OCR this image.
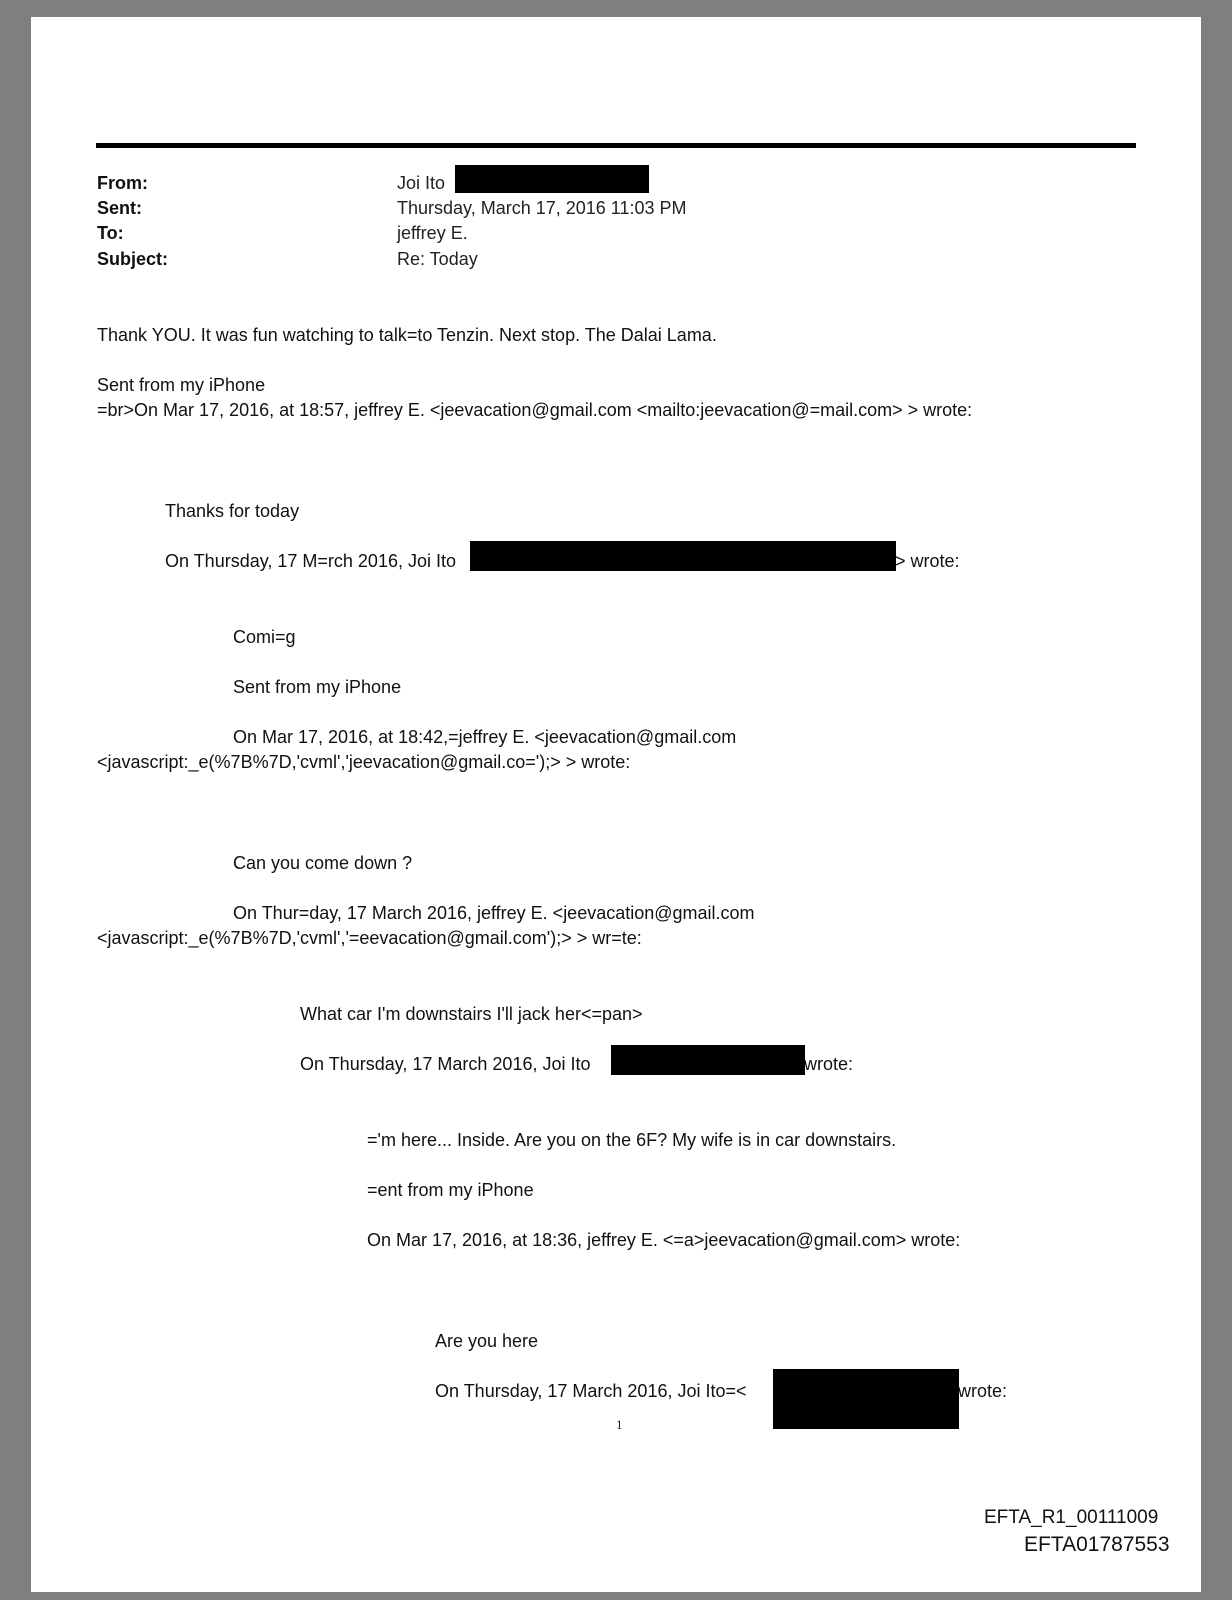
From:	Joi Ito
Sent:	Thursday, March 17, 2016 11:03 PM
To:	jeffrey E.
Subject:	Re: Today
Thank YOU. It was fun watching to talk=to Tenzin. Next stop. The Dalai Lama.
Sent from my iPhone
=br>On Mar 17, 2016, at 18:57, jeffrey E. <jeevacation@gmail.com <mailto:jeevacation@=mail.com> > wrote:
Thanks for today
On Thursday, 17 M=rch 2016, Joi Ito	> wrote:
Comi=g
Sent from my iPhone
On Mar 17, 2016, at 18:42,=jeffrey E. <jeevacation@gmail.com
<javascript:_e(%7B%7D,'cvml','jeevacation@gmail.co=');> > wrote:
Can you come down ?
On Thur=day, 17 March 2016, jeffrey E. <jeevacation@gmail.com
<javascript:_e(%7B%7D,'cvml','=eevacation@gmail.com');> > wr=te:
What car I'm downstairs I'll jack her<=pan>
On Thursday, 17 March 2016, Joi Ito	wrote:
='m here... Inside. Are you on the 6F? My wife is in car downstairs.
=ent from my iPhone
On Mar 17, 2016, at 18:36, jeffrey E. <=a>jeevacation@gmail.com> wrote:
Are you here
On Thursday, 17 March 2016, Joi Ito=<	wrote:
1
EFTA_R1_00111009
EFTA01787553
